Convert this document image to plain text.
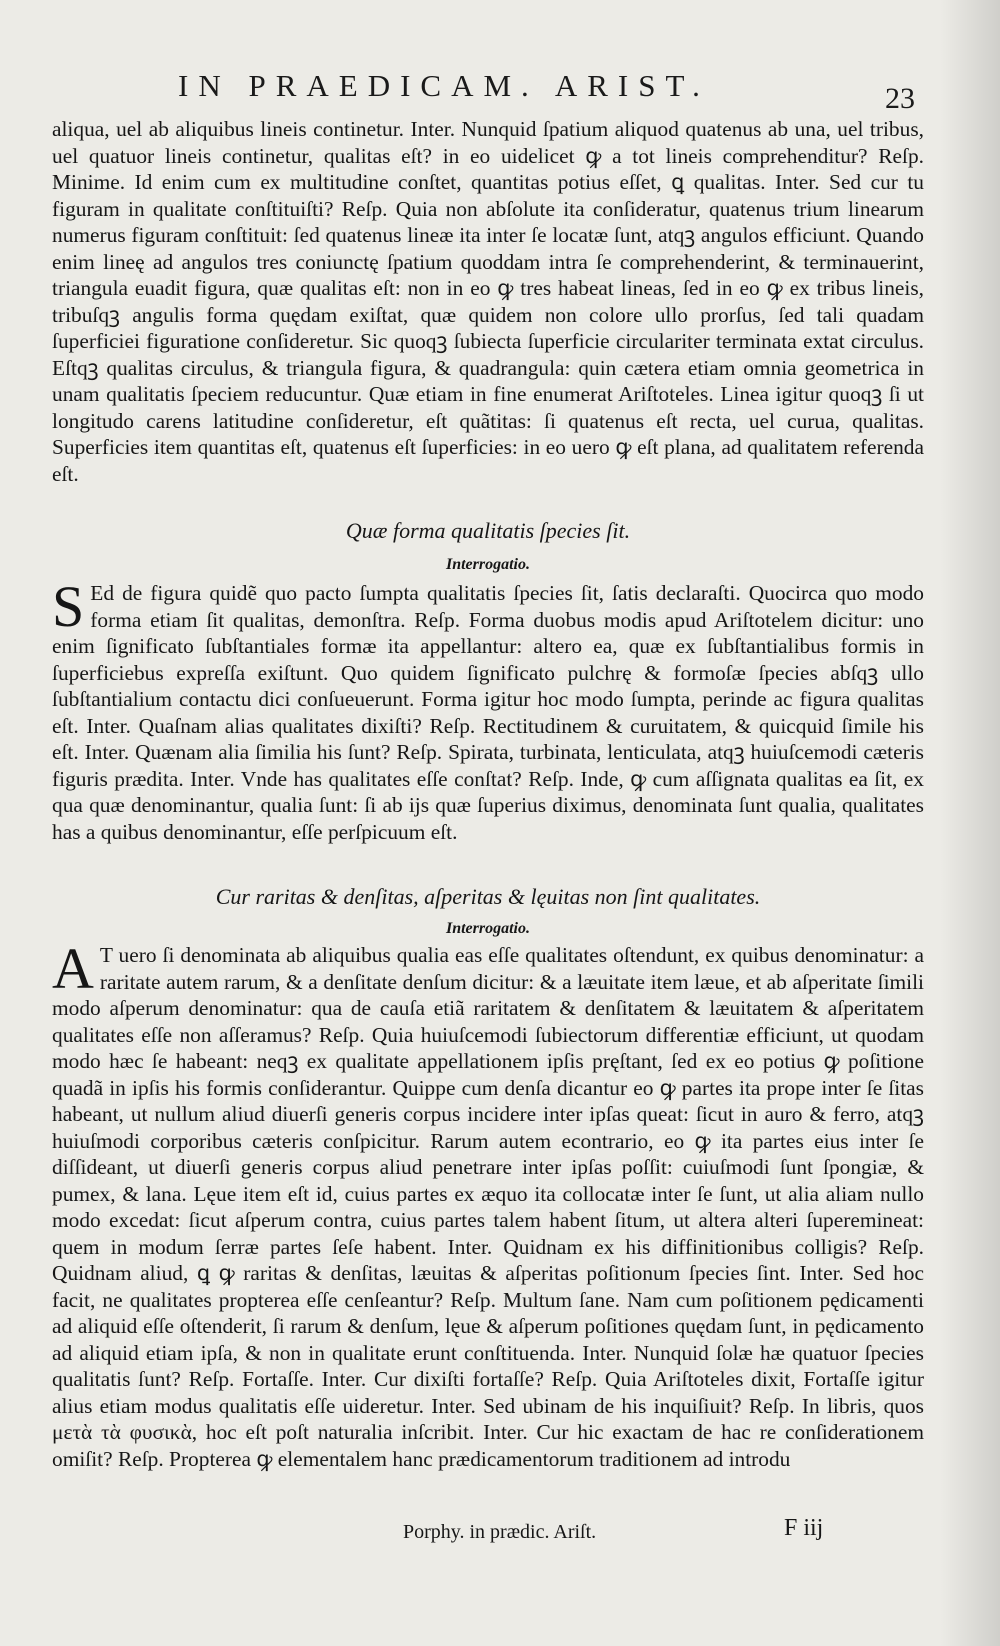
IN PRAEDICAM. ARIST.	23

aliqua, uel ab aliquibus lineis continetur. Inter. Nunquid ſpatium aliquod quatenus ab una, uel tribus, uel quatuor lineis continetur, qualitas eſt? in eo uidelicet ꝙ a tot lineis comprehenditur? Reſp. Minime. Id enim cum ex multitudine conſtet, quantitas potius eſſet, ꝗ qualitas. Inter. Sed cur tu figuram in qualitate conſtituiſti? Reſp. Quia non abſolute ita conſideratur, quatenus trium linearum numerus figuram conſtituit: ſed quatenus lineæ ita inter ſe locatæ ſunt, atqꝫ angulos efficiunt. Quando enim lineę ad angulos tres coniunctę ſpatium quoddam intra ſe comprehenderint, & terminauerint, triangula euadit figura, quæ qualitas eſt: non in eo ꝙ tres habeat lineas, ſed in eo ꝙ ex tribus lineis, tribuſqꝫ angulis forma quędam exiſtat, quæ quidem non colore ullo prorſus, ſed tali quadam ſuperficiei figuratione conſideretur. Sic quoqꝫ ſubiecta ſuperficie circulariter terminata extat circulus. Eſtqꝫ qualitas circulus, & triangula figura, & quadrangula: quin cætera etiam omnia geometrica in unam qualitatis ſpeciem reducuntur. Quæ etiam in fine enumerat Ariſtoteles. Linea igitur quoqꝫ ſi ut longitudo carens latitudine conſideretur, eſt quãtitas: ſi quatenus eſt recta, uel curua, qualitas. Superficies item quantitas eſt, quatenus eſt ſuperficies: in eo uero ꝙ eſt plana, ad qualitatem referenda eſt.

Quæ forma qualitatis ſpecies ſit.
Interrogatio.

S Ed de figura quidẽ quo pacto ſumpta qualitatis ſpecies ſit, ſatis declaraſti. Quocirca quo modo forma etiam ſit qualitas, demonſtra. Reſp. Forma duobus modis apud Ariſtotelem dicitur: uno enim ſignificato ſubſtantiales formæ ita appellantur: altero ea, quæ ex ſubſtantialibus formis in ſuperficiebus expreſſa exiſtunt. Quo quidem ſignificato pulchrę & formoſæ ſpecies abſqꝫ ullo ſubſtantialium contactu dici conſueuerunt. Forma igitur hoc modo ſumpta, perinde ac figura qualitas eſt. Inter. Quaſnam alias qualitates dixiſti? Reſp. Rectitudinem & curuitatem, & quicquid ſimile his eſt. Inter. Quænam alia ſimilia his ſunt? Reſp. Spirata, turbinata, lenticulata, atqꝫ huiuſcemodi cæteris figuris prædita. Inter. Vnde has qualitates eſſe conſtat? Reſp. Inde, ꝙ cum aſſignata qualitas ea ſit, ex qua quæ denominantur, qualia ſunt: ſi ab ijs quæ ſuperius diximus, denominata ſunt qualia, qualitates has a quibus denominantur, eſſe perſpicuum eſt.

Cur raritas & denſitas, aſperitas & lęuitas non ſint qualitates.
Interrogatio.

A T uero ſi denominata ab aliquibus qualia eas eſſe qualitates oſtendunt, ex quibus denominatur: a raritate autem rarum, & a denſitate denſum dicitur: & a læuitate item læue, et ab aſperitate ſimili modo aſperum denominatur: qua de cauſa etiã raritatem & denſitatem & læuitatem & aſperitatem qualitates eſſe non aſſeramus? Reſp. Quia huiuſcemodi ſubiectorum differentiæ efficiunt, ut quodam modo hæc ſe habeant: neqꝫ ex qualitate appellationem ipſis pręſtant, ſed ex eo potius ꝙ poſitione quadã in ipſis his formis conſiderantur. Quippe cum denſa dicantur eo ꝙ partes ita prope inter ſe ſitas habeant, ut nullum aliud diuerſi generis corpus incidere inter ipſas queat: ſicut in auro & ferro, atqꝫ huiuſmodi corporibus cæteris conſpicitur. Rarum autem econtrario, eo ꝙ ita partes eius inter ſe diſſideant, ut diuerſi generis corpus aliud penetrare inter ipſas poſſit: cuiuſmodi ſunt ſpongiæ, & pumex, & lana. Lęue item eſt id, cuius partes ex æquo ita collocatæ inter ſe ſunt, ut alia aliam nullo modo excedat: ſicut aſperum contra, cuius partes talem habent ſitum, ut altera alteri ſuperemineat: quem in modum ſerræ partes ſeſe habent. Inter. Quidnam ex his diffinitionibus colligis? Reſp. Quidnam aliud, ꝗ ꝙ raritas & denſitas, læuitas & aſperitas poſitionum ſpecies ſint. Inter. Sed hoc facit, ne qualitates propterea eſſe cenſeantur? Reſp. Multum ſane. Nam cum poſitionem pędicamenti ad aliquid eſſe oſtenderit, ſi rarum & denſum, lęue & aſperum poſitiones quędam ſunt, in pędicamento ad aliquid etiam ipſa, & non in qualitate erunt conſtituenda. Inter. Nunquid ſolæ hæ quatuor ſpecies qualitatis ſunt? Reſp. Fortaſſe. Inter. Cur dixiſti fortaſſe? Reſp. Quia Ariſtoteles dixit, Fortaſſe igitur alius etiam modus qualitatis eſſe uideretur. Inter. Sed ubinam de his inquiſiuit? Reſp. In libris, quos μετὰ τὰ φυσικὰ, hoc eſt poſt naturalia inſcribit. Inter. Cur hic exactam de hac re conſiderationem omiſit? Reſp. Propterea ꝙ elementalem hanc prædicamentorum traditionem ad introdu

Porphy. in prædic. Ariſt.	F iij
